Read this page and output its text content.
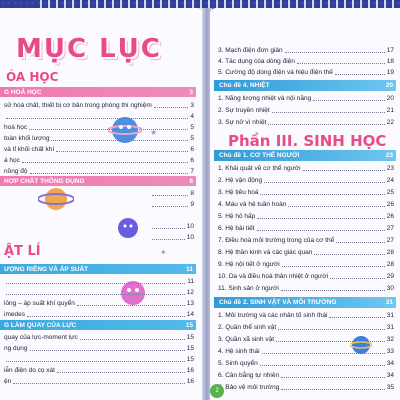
MỤC LỤC
★
✦
ÓA HỌC
G HOÁ HỌC	3
sử hoá chất, thiết bị cơ bản trong phòng thí nghiệm	3
4
hoá học	5
toàn khối lượng	5
và tỉ khối chất khí	6
á học	6
nồng độ	7
HỢP CHẤT THÔNG DỤNG	8
8
9
10
10
ẬT LÍ
ƯỢNG RIÊNG VÀ ÁP SUẤT	11
11
12
lỏng – áp suất khí quyển	13
imedes	14
G LÀM QUAY CỦA LỰC	15
quay của lực-moment lực	15
ng dụng	15
15
iễn điện do cọ xát	16
ện	16
3. Mạch điện đơn giản	17
4. Tác dụng của dòng điện	18
5. Cường độ dòng điện và hiệu điện thế	19
Chủ đề 4. NHIỆT	20
1. Năng lượng nhiệt và nội năng	20
2. Sự truyền nhiệt	21
3. Sự nở vì nhiệt	22
Phần III. SINH HỌC
Chủ đề 1. CƠ THỂ NGƯỜI	23
1. Khái quát về cơ thể người	23
2. Hệ vận động	24
3. Hệ tiêu hoá	25
4. Máu và hệ tuần hoàn	26
5. Hệ hô hấp	26
6. Hệ bài tiết	27
7. Điều hoà môi trường trong của cơ thể	27
8. Hệ thần kinh và các giác quan	28
9. Hệ nội tiết ở người	28
10. Da và điều hoà thân nhiệt ở người	29
11. Sinh sản ở người	30
Chủ đề 2. SINH VẬT VÀ MÔI TRƯỜNG	31
1. Môi trường và các nhân tố sinh thái	31
2. Quần thể sinh vật	31
3. Quần xã sinh vật	32
4. Hệ sinh thái	33
5. Sinh quyển	34
6. Cân bằng tự nhiên	34
Bảo vệ môi trường	35
2
